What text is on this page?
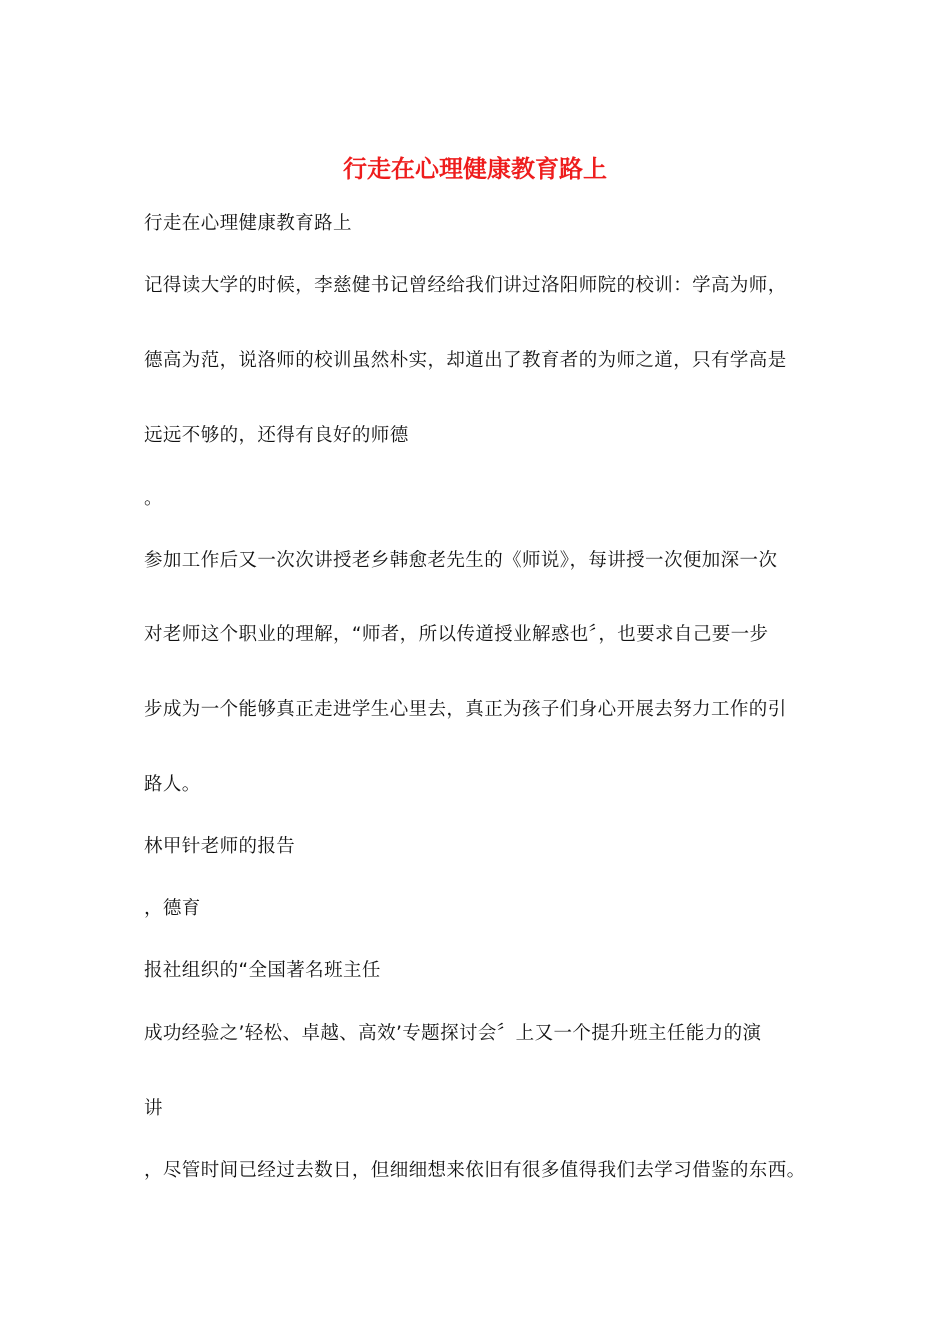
行走在心理健康教育路上
行走在心理健康教育路上
记得读大学的时候，李慈健书记曾经给我们讲过洛阳师院的校训：学高为师，
德高为范，说洛师的校训虽然朴实，却道出了教育者的为师之道，只有学高是
远远不够的，还得有良好的师德
。
参加工作后又一次次讲授老乡韩愈老先生的《师说》，每讲授一次便加深一次
对老师这个职业的理解，“师者，所以传道授业解惑也〞，也要求自己要一步
步成为一个能够真正走进学生心里去，真正为孩子们身心开展去努力工作的引
路人。
林甲针老师的报告
，德育
报社组织的“全国著名班主任
成功经验之’轻松、卓越、高效’专题探讨会〞上又一个提升班主任能力的演
讲
，尽管时间已经过去数日，但细细想来依旧有很多值得我们去学习借鉴的东西。
